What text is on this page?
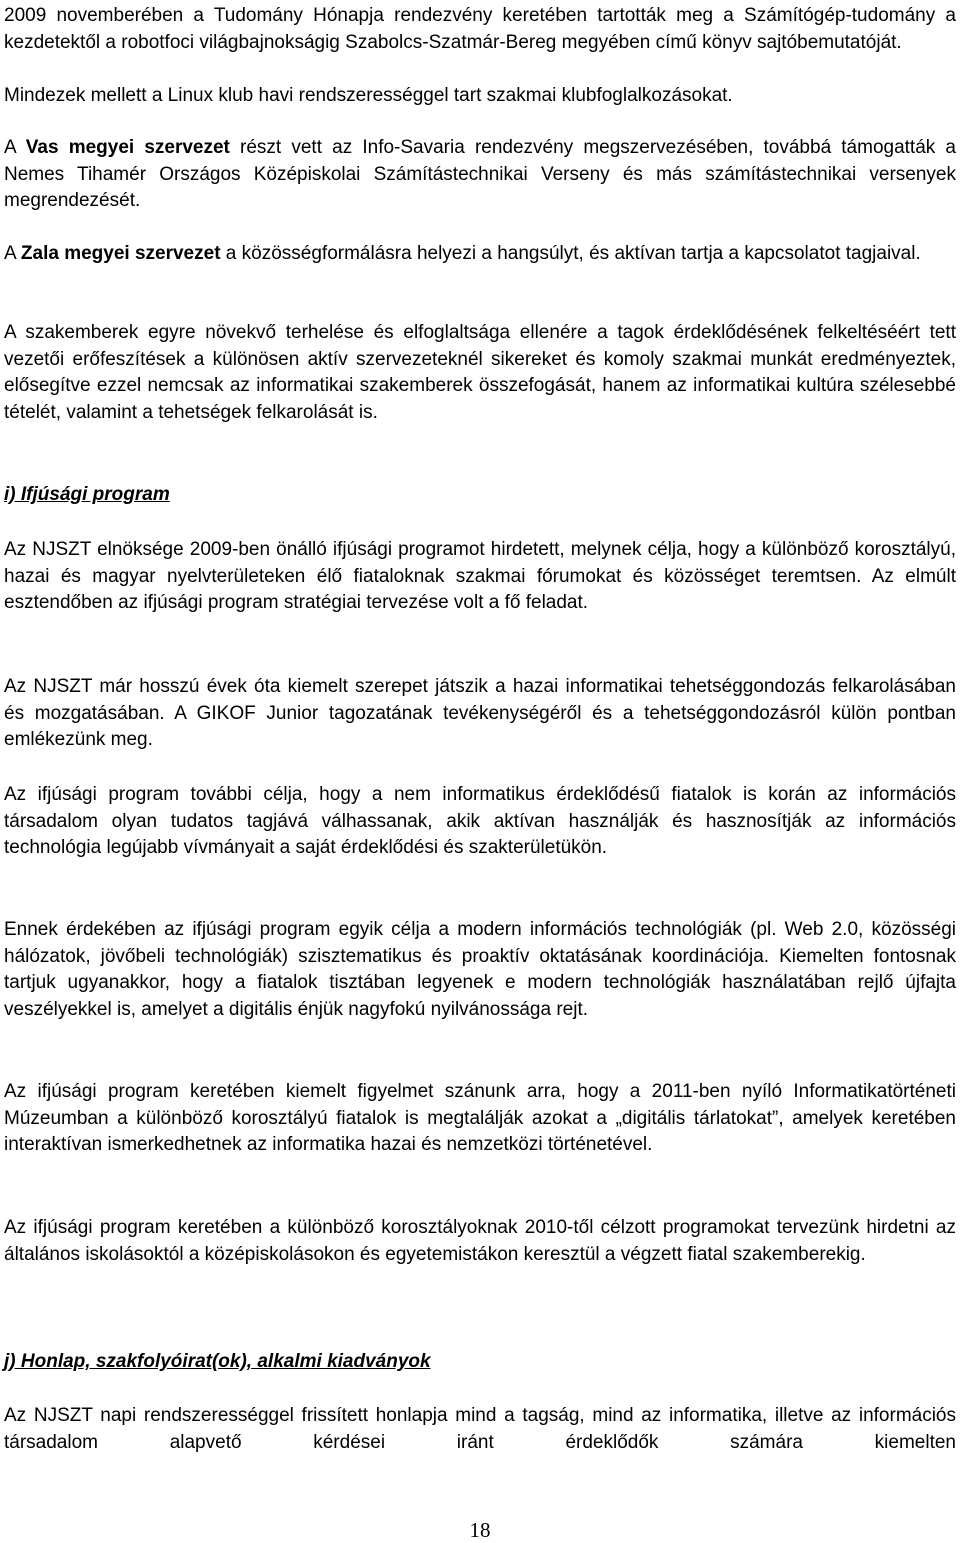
2009 novemberében a Tudomány Hónapja rendezvény keretében tartották meg a Számítógép-tudomány a kezdetektől a robotfoci világbajnokságig Szabolcs-Szatmár-Bereg megyében című könyv sajtóbemutatóját.

Mindezek mellett a Linux klub havi rendszerességgel tart szakmai klubfoglalkozásokat.

A Vas megyei szervezet részt vett az Info-Savaria rendezvény megszervezésében, továbbá támogatták a Nemes Tihamér Országos Középiskolai Számítástechnikai Verseny és más számítástechnikai versenyek megrendezését.

A Zala megyei szervezet a közösségformálásra helyezi a hangsúlyt, és aktívan tartja a kapcsolatot tagjaival.

A szakemberek egyre növekvő terhelése és elfoglaltsága ellenére a tagok érdeklődésének felkeltéséért tett vezetői erőfeszítések a különösen aktív szervezeteknél sikereket és komoly szakmai munkát eredményeztek, elősegítve ezzel nemcsak az informatikai szakemberek összefogását, hanem az informatikai kultúra szélesebbé tételét, valamint a tehetségek felkarolását is.

i) Ifjúsági program

Az NJSZT elnöksége 2009-ben önálló ifjúsági programot hirdetett, melynek célja, hogy a különböző korosztályú, hazai és magyar nyelvterületeken élő fiataloknak szakmai fórumokat és közösséget teremtsen. Az elmúlt esztendőben az ifjúsági program stratégiai tervezése volt a fő feladat.

Az NJSZT már hosszú évek óta kiemelt szerepet játszik a hazai informatikai tehetséggondozás felkarolásában és mozgatásában. A GIKOF Junior tagozatának tevékenységéről és a tehetséggondozásról külön pontban emlékezünk meg.

Az ifjúsági program további célja, hogy a nem informatikus érdeklődésű fiatalok is korán az információs társadalom olyan tudatos tagjává válhassanak, akik aktívan használják és hasznosítják az információs technológia legújabb vívmányait a saját érdeklődési és szakterületükön.

Ennek érdekében az ifjúsági program egyik célja a modern információs technológiák (pl. Web 2.0, közösségi hálózatok, jövőbeli technológiák) szisztematikus és proaktív oktatásának koordinációja. Kiemelten fontosnak tartjuk ugyanakkor, hogy a fiatalok tisztában legyenek e modern technológiák használatában rejlő újfajta veszélyekkel is, amelyet a digitális énjük nagyfokú nyilvánossága rejt.

Az ifjúsági program keretében kiemelt figyelmet szánunk arra, hogy a 2011-ben nyíló Informatikatörténeti Múzeumban a különböző korosztályú fiatalok is megtalálják azokat a „digitális tárlatokat”, amelyek keretében interaktívan ismerkedhetnek az informatika hazai és nemzetközi történetével.

Az ifjúsági program keretében a különböző korosztályoknak 2010-től célzott programokat tervezünk hirdetni az általános iskolásoktól a középiskolásokon és egyetemistákon keresztül a végzett fiatal szakemberekig.

j) Honlap, szakfolyóirat(ok), alkalmi kiadványok

Az NJSZT napi rendszerességgel frissített honlapja mind a tagság, mind az informatika, illetve az információs társadalom alapvető kérdései iránt érdeklődők számára kiemelten

18
